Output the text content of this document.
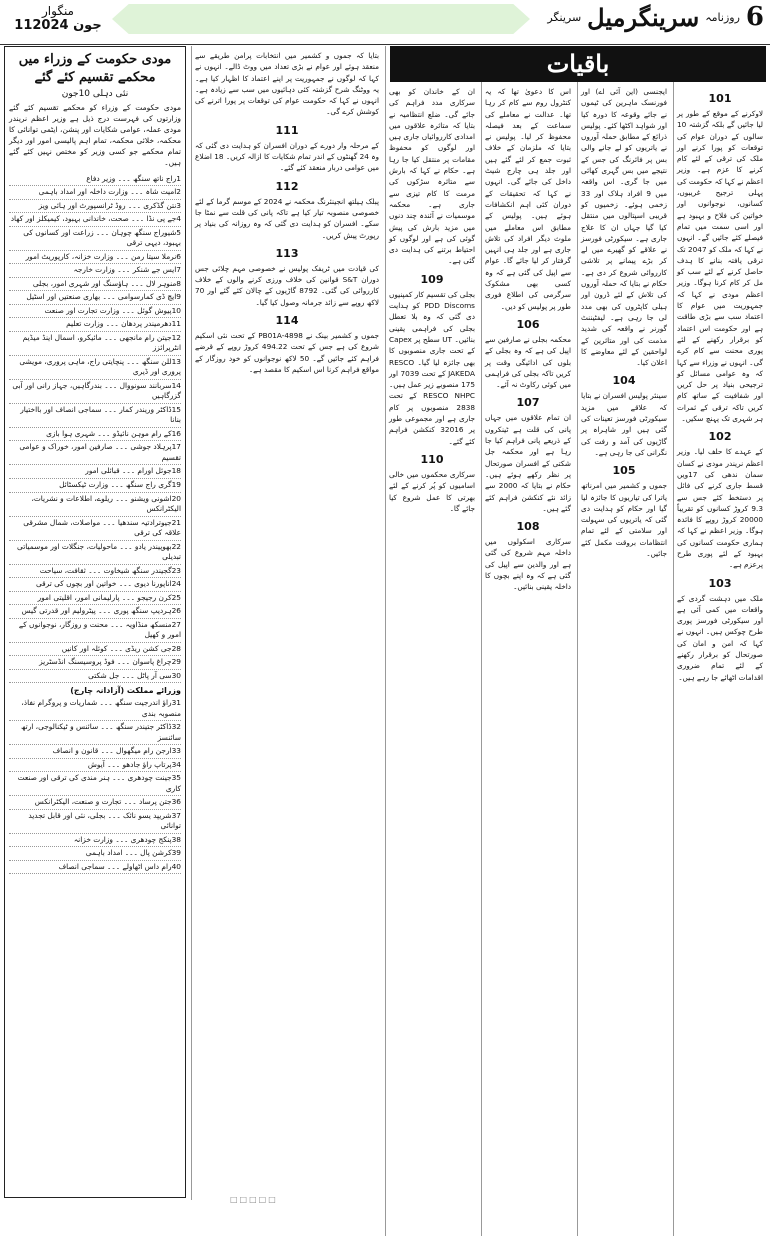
منگوار
11جون 2024	6
روزنامہ
سرینگرمیل
سرینگر
مودی حکومت کے وزراء میں محکمے تقسیم کئے گئے
نئی دہلی 10جون
مودی حکومت کے وزراء کو محکمے تقسیم کئے گئے وزارتوں کی فہرست درج ذیل ہے وزیر اعظم نریندر مودی عملہ، عوامی شکایات اور پنشن، ایٹمی توانائی کا محکمہ، خلائی محکمہ، تمام اہم پالیسی امور اور دیگر تمام محکمے جو کسی وزیر کو مختص نہیں کئے گئے ہیں۔
1راج ناتھ سنگھ ۔۔۔ وزیر دفاع
2امیت شاہ ۔۔۔ وزارت داخلہ اور امداد باہمی
3نتن گڈکری ۔۔۔ روڈ ٹرانسپورٹ اور ہائی ویز
4جے پی نڈا ۔۔۔ صحت، خاندانی بہبود، کیمیکلز اور کھاد
5شیوراج سنگھ چوہان ۔۔۔ زراعت اور کسانوں کی بہبود، دیہی ترقی
6نرملا سیتا رمن ۔۔۔ وزارت خزانہ، کارپوریٹ امور
7ایس جے شنکر ۔۔۔ وزارت خارجہ
8منوہر لال ۔۔۔ ہاؤسنگ اور شہری امور، بجلی
9ایچ ڈی کمارسوامی ۔۔۔ بھاری صنعتیں اور اسٹیل
10پیوش گوئل ۔۔۔ وزارت تجارت اور صنعت
11دھرمیندر پردھان ۔۔۔ وزارت تعلیم
12جیتن رام مانجھی ۔۔۔ مائیکرو، اسمال اینڈ میڈیم انٹرپرائزز
13للن سنگھ ۔۔۔ پنچایتی راج، ماہی پروری، مویشی پروری اور ڈیری
14سربانند سونووال ۔۔۔ بندرگاہیں، جہاز رانی اور آبی گزرگاہیں
15ڈاکٹر وریندر کمار ۔۔۔ سماجی انصاف اور بااختیار بنانا
16کے رام موہن نائیڈو ۔۔۔ شہری ہوا بازی
17پرہلاد جوشی ۔۔۔ صارفین امور، خوراک و عوامی تقسیم
18جوئل اورام ۔۔۔ قبائلی امور
19گری راج سنگھ ۔۔۔ وزارت ٹیکسٹائل
20اشونی ویشنو ۔۔۔ ریلوے، اطلاعات و نشریات، الیکٹرانکس
21جیوترادتیہ سندھیا ۔۔۔ مواصلات، شمال مشرقی علاقہ کی ترقی
22بھوپیندر یادو ۔۔۔ ماحولیات، جنگلات اور موسمیاتی تبدیلی
23گجیندر سنگھ شیخاوت ۔۔۔ ثقافت، سیاحت
24اناپورنا دیوی ۔۔۔ خواتین اور بچوں کی ترقی
25کرن رجیجو ۔۔۔ پارلیمانی امور، اقلیتی امور
26ہردیپ سنگھ پوری ۔۔۔ پیٹرولیم اور قدرتی گیس
27منسکھ منڈاویہ ۔۔۔ محنت و روزگار، نوجوانوں کے امور و کھیل
28جی کشن ریڈی ۔۔۔ کوئلہ اور کانیں
29چراغ پاسوان ۔۔۔ فوڈ پروسیسنگ انڈسٹریز
30سی آر پاٹل ۔۔۔ جل شکتی
وزرائے مملکت (آزادانہ چارج)
31راؤ اندرجیت سنگھ ۔۔۔ شماریات و پروگرام نفاذ، منصوبہ بندی
32ڈاکٹر جتیندر سنگھ ۔۔۔ سائنس و ٹیکنالوجی، ارتھ سائنسز
33ارجن رام میگھوال ۔۔۔ قانون و انصاف
34پرتاپ راؤ جادھو ۔۔۔ آیوش
35جینت چودھری ۔۔۔ ہنر مندی کی ترقی اور صنعت کاری
36جتن پرساد ۔۔۔ تجارت و صنعت، الیکٹرانکس
37شریپد یسو نائک ۔۔۔ بجلی، نئی اور قابل تجدید توانائی
38پنکج چودھری ۔۔۔ وزارت خزانہ
39کرشن پال ۔۔۔ امداد باہمی
40رام داس اٹھاولے ۔۔۔ سماجی انصاف
101

لاوکرنے کے موقع کے طور پر لیا جائیں گے بلکہ گزشتہ 10 سالوں کے دوران عوام کی توقعات کو پورا کرنے اور ملک کی ترقی کے لئے کام کرنے کا عزم ہے۔ وزیر اعظم نے کہا کہ حکومت کی پہلی ترجیح غریبوں، کسانوں، نوجوانوں اور خواتین کی فلاح و بہبود ہے اور اسی سمت میں تمام فیصلے کئے جائیں گے۔ انہوں نے کہا کہ ملک کو 2047 تک ترقی یافتہ بنانے کا ہدف حاصل کرنے کے لئے سب کو مل کر کام کرنا ہوگا۔ وزیر اعظم مودی نے کہا کہ جمہوریت میں عوام کا اعتماد سب سے بڑی طاقت ہے اور حکومت اس اعتماد کو برقرار رکھنے کے لئے پوری محنت سے کام کرے گی۔ انہوں نے وزراء سے کہا کہ وہ عوامی مسائل کو ترجیحی بنیاد پر حل کریں اور شفافیت کے ساتھ کام کریں تاکہ ترقی کے ثمرات ہر شہری تک پہنچ سکیں۔

102

کے عہدے کا حلف لیا۔ وزیر اعظم نریندر مودی نے کسان سمان ندھی کی 17ویں قسط جاری کرنے کی فائل پر دستخط کئے جس سے 9.3 کروڑ کسانوں کو تقریباً 20000 کروڑ روپے کا فائدہ ہوگا۔ وزیر اعظم نے کہا کہ ہماری حکومت کسانوں کی بہبود کے لئے پوری طرح پرعزم ہے۔

103

ملک میں دہشت گردی کے واقعات میں کمی آئی ہے اور سیکورٹی فورسز پوری طرح چوکس ہیں۔ انہوں نے کہا کہ امن و امان کی صورتحال کو برقرار رکھنے کے لئے تمام ضروری اقدامات اٹھائے جا رہے ہیں۔

ایجنسی (این آئی اے) اور فورنسک ماہرین کی ٹیموں نے جائے وقوعہ کا دورہ کیا اور شواہد اکٹھا کئے۔ پولیس ذرائع کے مطابق حملہ آوروں نے یاتریوں کو لے جانے والی بس پر فائرنگ کی جس کے نتیجے میں بس گہری کھائی میں جا گری۔ اس واقعہ میں 9 افراد ہلاک اور 33 زخمی ہوئے۔ زخمیوں کو قریبی اسپتالوں میں منتقل کیا گیا جہاں ان کا علاج جاری ہے۔ سیکورٹی فورسز نے علاقے کو گھیرے میں لے کر بڑے پیمانے پر تلاشی کارروائی شروع کر دی ہے۔ حکام نے بتایا کہ حملہ آوروں کی تلاش کے لئے ڈرون اور ہیلی کاپٹروں کی بھی مدد لی جا رہی ہے۔ لیفٹیننٹ گورنر نے واقعہ کی شدید مذمت کی اور متاثرین کے لواحقین کے لئے معاوضے کا اعلان کیا۔

104

سینئر پولیس افسران نے بتایا کہ علاقے میں مزید سیکورٹی فورسز تعینات کی گئی ہیں اور شاہراہ پر گاڑیوں کی آمد و رفت کی نگرانی کی جا رہی ہے۔

105

جموں و کشمیر میں امرناتھ یاترا کی تیاریوں کا جائزہ لیا گیا اور حکام کو ہدایت دی گئی کہ یاتریوں کی سہولت اور سلامتی کے لئے تمام انتظامات بروقت مکمل کئے جائیں۔

اس کا دعویٰ تھا کہ یہ کنٹرول روم سے کام کر رہا تھا۔ عدالت نے معاملے کی سماعت کے بعد فیصلہ محفوظ کر لیا۔ پولیس نے بتایا کہ ملزمان کے خلاف ثبوت جمع کر لئے گئے ہیں اور جلد ہی چارج شیٹ داخل کی جائے گی۔ انہوں نے کہا کہ تحقیقات کے دوران کئی اہم انکشافات ہوئے ہیں۔ پولیس کے مطابق اس معاملے میں ملوث دیگر افراد کی تلاش جاری ہے اور جلد ہی انہیں گرفتار کر لیا جائے گا۔ عوام سے اپیل کی گئی ہے کہ وہ کسی بھی مشکوک سرگرمی کی اطلاع فوری طور پر پولیس کو دیں۔

106

محکمہ بجلی نے صارفین سے اپیل کی ہے کہ وہ بجلی کے بلوں کی ادائیگی وقت پر کریں تاکہ بجلی کی فراہمی میں کوئی رکاوٹ نہ آئے۔

107

ان تمام علاقوں میں جہاں پانی کی قلت ہے ٹینکروں کے ذریعے پانی فراہم کیا جا رہا ہے اور محکمہ جل شکتی کے افسران صورتحال پر نظر رکھے ہوئے ہیں۔ حکام نے بتایا کہ 2000 سے زائد نئے کنکشن فراہم کئے گئے ہیں۔

108

سرکاری اسکولوں میں داخلہ مہم شروع کی گئی ہے اور والدین سے اپیل کی گئی ہے کہ وہ اپنے بچوں کا داخلہ یقینی بنائیں۔

ان کے خاندان کو بھی سرکاری مدد فراہم کی جائے گی۔ ضلع انتظامیہ نے بتایا کہ متاثرہ علاقوں میں امدادی کارروائیاں جاری ہیں اور لوگوں کو محفوظ مقامات پر منتقل کیا جا رہا ہے۔ حکام نے کہا کہ بارش سے متاثرہ سڑکوں کی مرمت کا کام تیزی سے جاری ہے۔ محکمہ موسمیات نے آئندہ چند دنوں میں مزید بارش کی پیش گوئی کی ہے اور لوگوں کو احتیاط برتنے کی ہدایت دی گئی ہے۔

109

بجلی کی تقسیم کار کمپنیوں PDD Discoms کو ہدایت دی گئی کہ وہ بلا تعطل بجلی کی فراہمی یقینی بنائیں۔ UT سطح پر Capex کے تحت جاری منصوبوں کا بھی جائزہ لیا گیا۔ RESCO JAKEDA کے تحت 7039 اور 175 منصوبے زیر عمل ہیں۔ RESCO NHPC کے تحت 2838 منصوبوں پر کام جاری ہے اور مجموعی طور پر 32016 کنکشن فراہم کئے گئے۔

110

سرکاری محکموں میں خالی اسامیوں کو پُر کرنے کے لئے بھرتی کا عمل شروع کیا جائے گا۔

بتایا کہ جموں و کشمیر میں انتخابات پرامن طریقے سے منعقد ہوئے اور عوام نے بڑی تعداد میں ووٹ ڈالے۔ انہوں نے کہا کہ لوگوں نے جمہوریت پر اپنے اعتماد کا اظہار کیا ہے۔ یہ ووٹنگ شرح گزشتہ کئی دہائیوں میں سب سے زیادہ ہے۔ انہوں نے کہا کہ حکومت عوام کی توقعات پر پورا اترنے کی کوشش کرے گی۔

111

کے مرحلہ وار دورے کے دوران افسران کو ہدایت دی گئی کہ وہ 24 گھنٹوں کے اندر تمام شکایات کا ازالہ کریں۔ 18 اضلاع میں عوامی دربار منعقد کئے گئے۔

112

پبلک ہیلتھ انجینئرنگ محکمہ نے 2024 کے موسم گرما کے لئے خصوصی منصوبہ تیار کیا ہے تاکہ پانی کی قلت سے نمٹا جا سکے۔ افسران کو ہدایت دی گئی کہ وہ روزانہ کی بنیاد پر رپورٹ پیش کریں۔

113

کی قیادت میں ٹریفک پولیس نے خصوصی مہم چلائی جس دوران S&T قوانین کی خلاف ورزی کرنے والوں کے خلاف کارروائی کی گئی۔ 8792 گاڑیوں کے چالان کئے گئے اور 70 لاکھ روپے سے زائد جرمانہ وصول کیا گیا۔

114

جموں و کشمیر بینک نے PB01A-4898 کے تحت نئی اسکیم شروع کی ہے جس کے تحت 494.22 کروڑ روپے کے قرضے فراہم کئے جائیں گے۔ 50 لاکھ نوجوانوں کو خود روزگار کے مواقع فراہم کرنا اس اسکیم کا مقصد ہے۔

باقیات
□□□□□
